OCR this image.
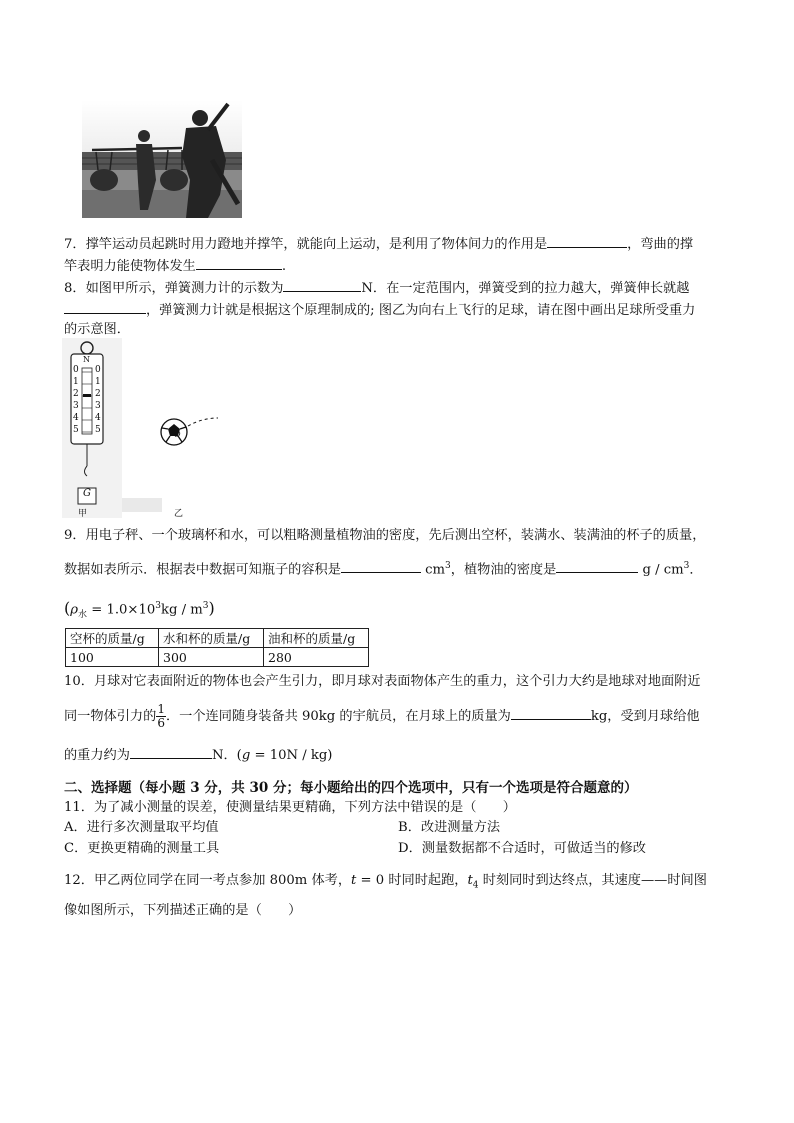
7．撑竿运动员起跳时用力蹬地并撑竿，就能向上运动，是利用了物体间力的作用是	，弯曲的撑
竿表明力能使物体发生	.
8．如图甲所示，弹簧测力计的示数为	N．在一定范围内，弹簧受到的拉力越大，弹簧伸长就越
，弹簧测力计就是根据这个原理制成的; 图乙为向右上飞行的足球，请在图中画出足球所受重力
的示意图．
N
0
1
2
3
4
5
0
1
2
3
4
5
G
甲
O
乙
9．用电子秤、一个玻璃杯和水，可以粗略测量植物油的密度，先后测出空杯，装满水、装满油的杯子的质量，
数据如表所示．根据表中数据可知瓶子的容积是	$cm^3$，植物油的密度是	g / $cm^3$．
$(\rho_水 = 1.0\times 10^3kg / m^3)$
空杯的质量/g	水和杯的质量/g	油和杯的质量/g
100	300	280
10．月球对它表面附近的物体也会产生引力，即月球对表面物体产生的重力，这个引力大约是地球对地面附近
同一物体引力的 $\frac{1}{6}$ ．一个连同随身装备共 90kg 的宇航员，在月球上的质量为	kg，受到月球给他
的重力约为	N．(g = 10N / kg)
二、选择题（每小题 3 分，共 30 分；每小题给出的四个选项中，只有一个选项是符合题意的）
11．为了减小测量的误差，使测量结果更精确，下列方法中错误的是（　　）
A．进行多次测量取平均值	B．改进测量方法
C．更换更精确的测量工具	D．测量数据都不合适时，可做适当的修改
12．甲乙两位同学在同一考点参加 800m 体考，t = 0 时同时起跑，$t_4$ 时刻同时到达终点，其速度——时间图
像如图所示，下列描述正确的是（　　）
